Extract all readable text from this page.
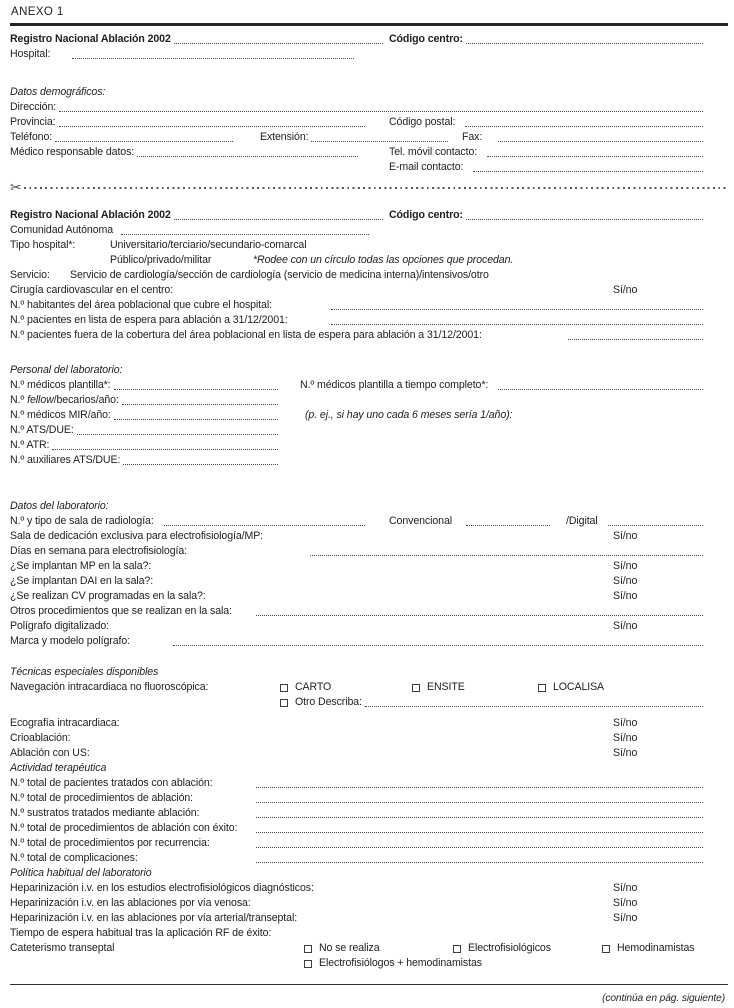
ANEXO 1
Registro Nacional Ablación 2002	Código centro:
Hospital:
Datos demográficos:
Dirección:
Provincia:	Código postal:
Teléfono:	Extensión:	Fax:
Médico responsable datos:	Tel. móvil contacto:
E-mail contacto:
✂
Registro Nacional Ablación 2002	Código centro:
Comunidad Autónoma
Tipo hospital*:	Universitario/terciario/secundario-comarcal
Público/privado/militar	*Rodee con un círculo todas las opciones que procedan.
Servicio:	Servicio de cardiología/sección de cardiología (servicio de medicina interna)/intensivos/otro
Cirugía cardiovascular en el centro:	Sí/no
N.º habitantes del área poblacional que cubre el hospital:
N.º pacientes en lista de espera para ablación a 31/12/2001:
N.º pacientes fuera de la cobertura del área poblacional en lista de espera para ablación a 31/12/2001:
Personal del laboratorio:
N.º médicos plantilla*:	N.º médicos plantilla a tiempo completo*:
N.º fellow /becarios/año:
N.º médicos MIR/año:	(p. ej., si hay uno cada 6 meses sería 1/año):
N.º ATS/DUE:
N.º ATR:
N.º auxiliares ATS/DUE:
Datos del laboratorio:
N.º y tipo de sala de radiología:	Convencional	/Digital
Sala de dedicación exclusiva para electrofisiología/MP:	Sí/no
Días en semana para electrofisiología:
¿Se implantan MP en la sala?:	Sí/no
¿Se implantan DAI en la sala?:	Sí/no
¿Se realizan CV programadas en la sala?:	Sí/no
Otros procedimientos que se realizan en la sala:
Polígrafo digitalizado:	Sí/no
Marca y modelo polígrafo:
Técnicas especiales disponibles
Navegación intracardiaca no fluoroscópica:	CARTO	ENSITE	LOCALISA
Otro Describa:
Ecografía intracardiaca:	Sí/no
Crioablación:	Sí/no
Ablación con US:	Sí/no
Actividad terapéutica
N.º total de pacientes tratados con ablación:
N.º total de procedimientos de ablación:
N.º sustratos tratados mediante ablación:
N.º total de procedimientos de ablación con éxito:
N.º total de procedimientos por recurrencia:
N.º total de complicaciones:
Política habitual del laboratorio
Heparinización i.v. en los estudios electrofisiológicos diagnósticos:	Sí/no
Heparinización i.v. en las ablaciones por vía venosa:	Sí/no
Heparinización i.v. en las ablaciones por vía arterial/transeptal:	Sí/no
Tiempo de espera habitual tras la aplicación RF de éxito:
Cateterismo transeptal	No se realiza	Electrofisiológicos	Hemodinamistas
Electrofisiólogos + hemodinamistas
(continúa en pág. siguiente)
